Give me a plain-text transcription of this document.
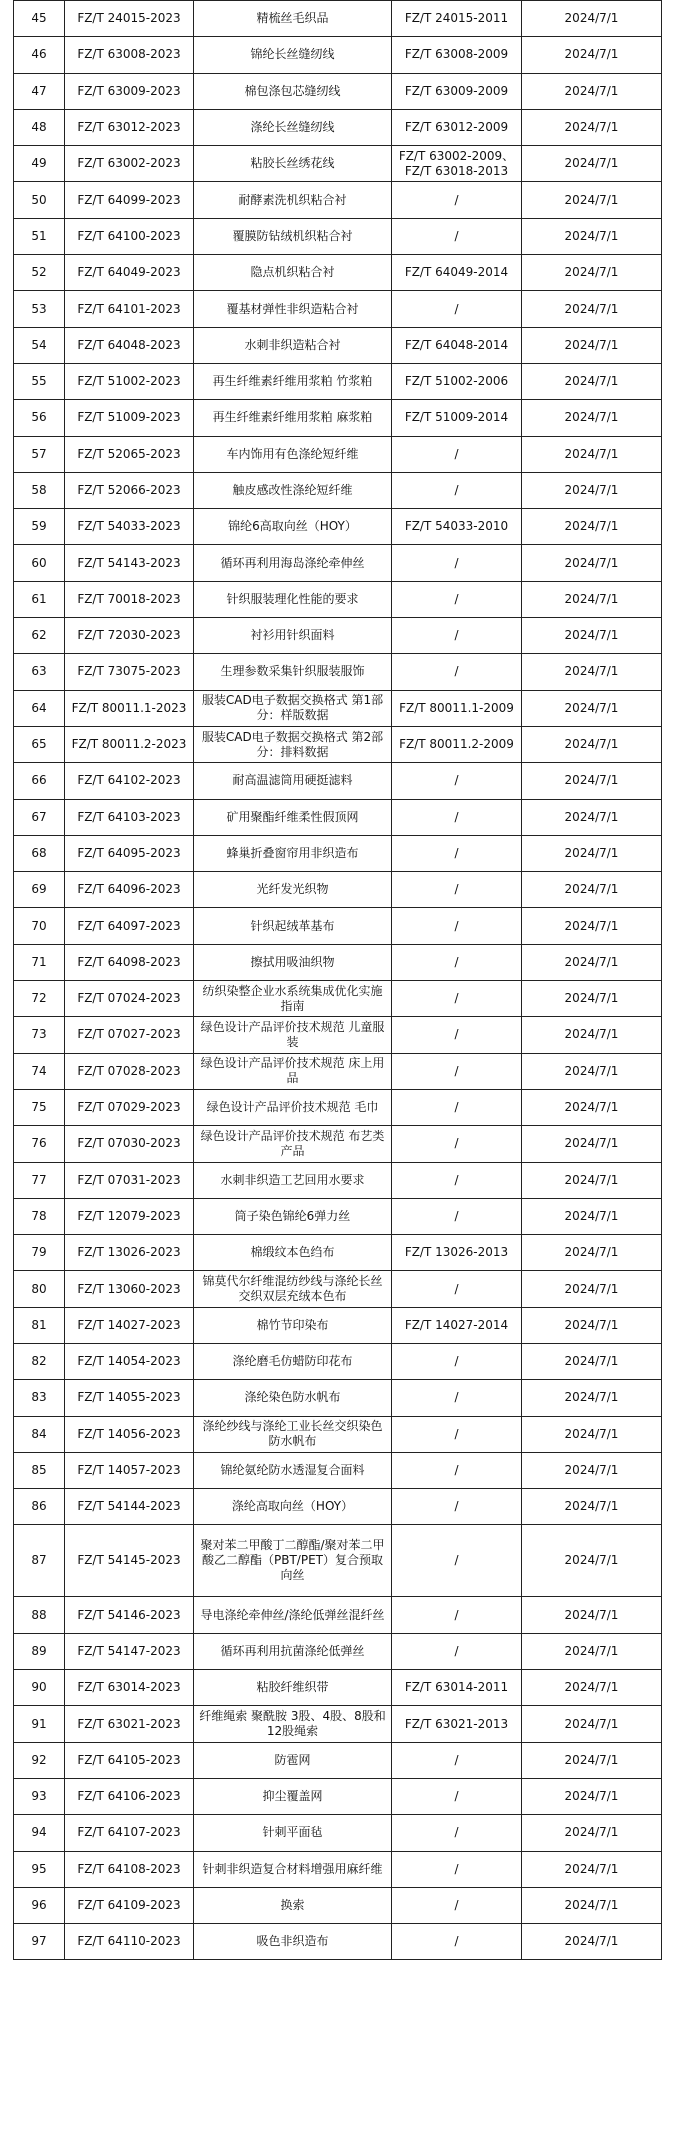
45	FZ/T 24015-2023	精梳丝毛织品	FZ/T 24015-2011	2024/7/1
46	FZ/T 63008-2023	锦纶长丝缝纫线	FZ/T 63008-2009	2024/7/1
47	FZ/T 63009-2023	棉包涤包芯缝纫线	FZ/T 63009-2009	2024/7/1
48	FZ/T 63012-2023	涤纶长丝缝纫线	FZ/T 63012-2009	2024/7/1
49	FZ/T 63002-2023	粘胶长丝绣花线	FZ/T 63002-2009、FZ/T 63018-2013	2024/7/1
50	FZ/T 64099-2023	耐酵素洗机织粘合衬	/	2024/7/1
51	FZ/T 64100-2023	覆膜防钻绒机织粘合衬	/	2024/7/1
52	FZ/T 64049-2023	隐点机织粘合衬	FZ/T 64049-2014	2024/7/1
53	FZ/T 64101-2023	覆基材弹性非织造粘合衬	/	2024/7/1
54	FZ/T 64048-2023	水刺非织造粘合衬	FZ/T 64048-2014	2024/7/1
55	FZ/T 51002-2023	再生纤维素纤维用浆粕 竹浆粕	FZ/T 51002-2006	2024/7/1
56	FZ/T 51009-2023	再生纤维素纤维用浆粕 麻浆粕	FZ/T 51009-2014	2024/7/1
57	FZ/T 52065-2023	车内饰用有色涤纶短纤维	/	2024/7/1
58	FZ/T 52066-2023	触皮感改性涤纶短纤维	/	2024/7/1
59	FZ/T 54033-2023	锦纶6高取向丝（HOY）	FZ/T 54033-2010	2024/7/1
60	FZ/T 54143-2023	循环再利用海岛涤纶牵伸丝	/	2024/7/1
61	FZ/T 70018-2023	针织服装理化性能的要求	/	2024/7/1
62	FZ/T 72030-2023	衬衫用针织面料	/	2024/7/1
63	FZ/T 73075-2023	生理参数采集针织服装服饰	/	2024/7/1
64	FZ/T 80011.1-2023	服装CAD电子数据交换格式 第1部分：样版数据	FZ/T 80011.1-2009	2024/7/1
65	FZ/T 80011.2-2023	服装CAD电子数据交换格式 第2部分：排料数据	FZ/T 80011.2-2009	2024/7/1
66	FZ/T 64102-2023	耐高温滤筒用硬挺滤料	/	2024/7/1
67	FZ/T 64103-2023	矿用聚酯纤维柔性假顶网	/	2024/7/1
68	FZ/T 64095-2023	蜂巢折叠窗帘用非织造布	/	2024/7/1
69	FZ/T 64096-2023	光纤发光织物	/	2024/7/1
70	FZ/T 64097-2023	针织起绒革基布	/	2024/7/1
71	FZ/T 64098-2023	擦拭用吸油织物	/	2024/7/1
72	FZ/T 07024-2023	纺织染整企业水系统集成优化实施指南	/	2024/7/1
73	FZ/T 07027-2023	绿色设计产品评价技术规范 儿童服装	/	2024/7/1
74	FZ/T 07028-2023	绿色设计产品评价技术规范 床上用品	/	2024/7/1
75	FZ/T 07029-2023	绿色设计产品评价技术规范 毛巾	/	2024/7/1
76	FZ/T 07030-2023	绿色设计产品评价技术规范 布艺类产品	/	2024/7/1
77	FZ/T 07031-2023	水刺非织造工艺回用水要求	/	2024/7/1
78	FZ/T 12079-2023	筒子染色锦纶6弹力丝	/	2024/7/1
79	FZ/T 13026-2023	棉缎纹本色绉布	FZ/T 13026-2013	2024/7/1
80	FZ/T 13060-2023	锦莫代尔纤维混纺纱线与涤纶长丝交织双层充绒本色布	/	2024/7/1
81	FZ/T 14027-2023	棉竹节印染布	FZ/T 14027-2014	2024/7/1
82	FZ/T 14054-2023	涤纶磨毛仿蜡防印花布	/	2024/7/1
83	FZ/T 14055-2023	涤纶染色防水帆布	/	2024/7/1
84	FZ/T 14056-2023	涤纶纱线与涤纶工业长丝交织染色防水帆布	/	2024/7/1
85	FZ/T 14057-2023	锦纶氨纶防水透湿复合面料	/	2024/7/1
86	FZ/T 54144-2023	涤纶高取向丝（HOY）	/	2024/7/1
87	FZ/T 54145-2023	聚对苯二甲酸丁二醇酯/聚对苯二甲酸乙二醇酯（PBT/PET）复合预取向丝	/	2024/7/1
88	FZ/T 54146-2023	导电涤纶牵伸丝/涤纶低弹丝混纤丝	/	2024/7/1
89	FZ/T 54147-2023	循环再利用抗菌涤纶低弹丝	/	2024/7/1
90	FZ/T 63014-2023	粘胶纤维织带	FZ/T 63014-2011	2024/7/1
91	FZ/T 63021-2023	纤维绳索 聚酰胺 3股、4股、8股和12股绳索	FZ/T 63021-2013	2024/7/1
92	FZ/T 64105-2023	防雹网	/	2024/7/1
93	FZ/T 64106-2023	抑尘覆盖网	/	2024/7/1
94	FZ/T 64107-2023	针刺平面毡	/	2024/7/1
95	FZ/T 64108-2023	针刺非织造复合材料增强用麻纤维	/	2024/7/1
96	FZ/T 64109-2023	换索	/	2024/7/1
97	FZ/T 64110-2023	吸色非织造布	/	2024/7/1
